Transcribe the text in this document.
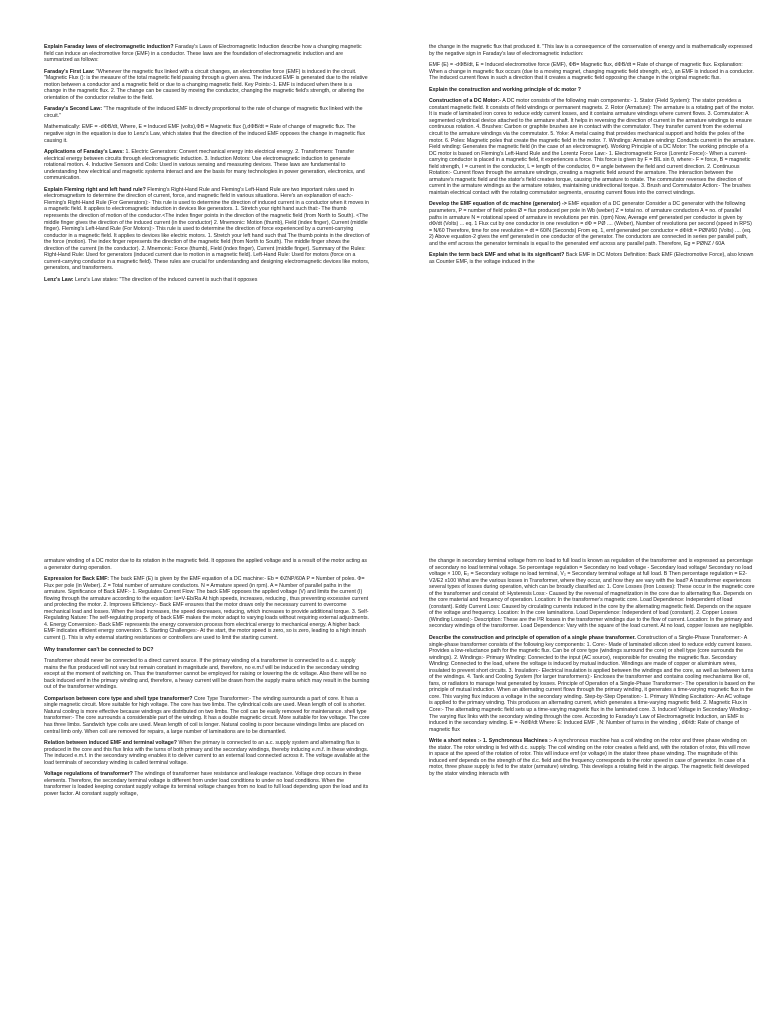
Explain Faraday laws of electromagnetic induction? Faraday's Laws of Electromagnetic Induction describe how a changing magnetic field can induce an electromotive force (EMF) in a conductor. These laws are the foundation of electromagnetic induction and are summarized as follows:

Faraday's First Law: "Whenever the magnetic flux linked with a circuit changes, an electromotive force (EMF) is induced in the circuit. "Magnetic Flux (): is the measure of the total magnetic field passing through a given area. The induced EMF is generated due to the relative motion between a conductor and a magnetic field or due to a changing magnetic field. Key Points:-1. EMF is induced when there is a change in the magnetic flux. 2. The change can be caused by moving the conductor, changing the magnetic field's strength, or altering the orientation of the conductor relative to the field.

Faraday's Second Law: "The magnitude of the induced EMF is directly proportional to the rate of change of magnetic flux linked with the circuit."

Mathematically: EMF = -dΦB/dt, Where, E = Induced EMF (volts),ΦB = Magnetic flux (),dΦB/dt = Rate of change of magnetic flux. The negative sign in the equation is due to Lenz's Law, which states that the direction of the induced EMF opposes the change in magnetic flux causing it.

Applications of Faraday's Laws: 1. Electric Generators: Convert mechanical energy into electrical energy. 2. Transformers: Transfer electrical energy between circuits through electromagnetic induction. 3. Induction Motors: Use electromagnetic induction to generate rotational motion. 4. Inductive Sensors and Coils: Used in various sensing and measuring devices. These laws are fundamental to understanding how electrical and magnetic systems interact and are the basis for many technologies in power generation, electronics, and communication.

Explain Fleming right and left hand rule? Fleming's Right-Hand Rule and Fleming's Left-Hand Rule are two important rules used in electromagnetism to determine the direction of current, force, and magnetic field in various situations. Here's an explanation of each:- Fleming's Right-Hand Rule (For Generators):- This rule is used to determine the direction of induced current in a conductor when it moves in a magnetic field. It applies to electromagnetic induction in devices like generators. 1. Stretch your right hand such that:- The thumb represents the direction of motion of the conductor.<The index finger points in the direction of the magnetic field (from North to South). <The middle finger gives the direction of the induced current (in the conductor) 2. Mnemonic: Motion (thumb), Field (index finger), Current (middle finger). Fleming's Left-Hand Rule (For Motors):- This rule is used to determine the direction of force experienced by a current-carrying conductor in a magnetic field. It applies to devices like electric motors. 1. Stretch your left hand such that The thumb points in the direction of the force (motion). The index finger represents the direction of the magnetic field (from North to South). The middle finger shows the direction of the current (in the conductor). 2. Mnemonic: Force (thumb), Field (index finger), Current (middle finger). Summary of the Rules: Right-Hand Rule: Used for generators (induced current due to motion in a magnetic field). Left-Hand Rule: Used for motors (force on a current-carrying conductor in a magnetic field). These rules are crucial for understanding and designing electromagnetic devices like motors, generators, and transformers.

Lenz's Law: Lenz's Law states: "The direction of the induced current is such that it opposes

the change in the magnetic flux that produced it. "This law is a consequence of the conservation of energy and is mathematically expressed by the negative sign in Faraday's law of electromagnetic induction:

EMF (E) = -dΦB/dt, E = Induced electromotive force (EMF), ΦB= Magnetic flux, dΦB/dt = Rate of change of magnetic flux. Explanation: When a change in magnetic flux occurs (due to a moving magnet, changing magnetic field strength, etc.), an EMF is induced in a conductor. The induced current flows in such a direction that it creates a magnetic field opposing the change in the original magnetic flux.

Explain the construction and working principle of dc motor ?

Construction of a DC Motor:- A DC motor consists of the following main components:- 1. Stator (Field System): The stator provides a constant magnetic field. It consists of field windings or permanent magnets. 2. Rotor (Armature): The armature is a rotating part of the motor. It is made of laminated iron cores to reduce eddy current losses, and it contains armature windings where current flows. 3. Commutator: A segmented cylindrical device attached to the armature shaft. It helps in reversing the direction of current in the armature windings to ensure continuous rotation. 4. Brushes: Carbon or graphite brushes are in contact with the commutator. They transfer current from the external circuit to the armature windings via the commutator. 5. Yoke: A metal casing that provides mechanical support and holds the poles of the motor. 6. Poles: Magnetic poles that create the magnetic field in the motor. 7. Windings: Armature winding: Conducts current in the armature. Field winding: Generates the magnetic field (in the case of an electromagnet). Working Principle of a DC Motor: The working principle of a DC motor is based on Fleming's Left-Hand Rule and the Lorentz Force Law:- 1. Electromagnetic Force (Lorentz Force):- When a current-carrying conductor is placed in a magnetic field, it experiences a force. This force is given by F = BIL sin θ, where:- F = force, B = magnetic field strength, I = current in the conductor, L = length of the conductor, θ = angle between the field and current direction. 2. Continuous Rotation:- Current flows through the armature windings, creating a magnetic field around the armature. The interaction between the armature's magnetic field and the stator's field creates torque, causing the armature to rotate. The commutator reverses the direction of current in the armature windings as the armature rotates, maintaining unidirectional torque. 3. Brush and Commutator Action:- The brushes maintain electrical contact with the rotating commutator segments, ensuring current flows into the correct windings.

Develop the EMF equation of dc machine (generator) -> EMF equation of a DC generator Consider a DC generator with the following parameters, P = number of field poles Ø = flux produced per pole in Wb (weber) Z = total no. of armature conductors A = no. of parallel paths in armature N = rotational speed of armature in revolutions per min. (rpm) Now, Average emf generated per conductor is given by dΦ/dt (Volts) ... eq. 1 Flux cut by one conductor in one revolution = dΦ = PØ .... (Weber), Number of revolutions per second (speed in RPS) = N/60 Therefore, time for one revolution = dt = 60/N (Seconds) From eq. 1, emf generated per conductor = dΦ/dt = PØN/60 (Volts) .... (eq. 2) Above equation-2 gives the emf generated in one conductor of the generator. The conductors are connected in series per parallel path, and the emf across the generator terminals is equal to the generated emf across any parallel path. Therefore, Eg = PØNZ / 60A

Explain the term back EMF and what is its significant? Back EMF in DC Motors Definition: Back EMF (Electromotive Force), also known as Counter EMF, is the voltage induced in the

armature winding of a DC motor due to its rotation in the magnetic field. It opposes the applied voltage and is a result of the motor acting as a generator during operation.

Expression for Back EMF: The back EMF (E) is given by the EMF equation of a DC machine:- Eb = ΦZNP/60A P = Number of poles. Φ= Flux per pole (in Weber). Z = Total number of armature conductors. N = Armature speed (in rpm). A = Number of parallel paths in the armature. Significance of Back EMF:- 1. Regulates Current Flow: The back EMF opposes the applied voltage (V) and limits the current (I) flowing through the armature according to the equation: Ia=V-Eb/Ra At high speeds, increases, reducing , thus preventing excessive current and protecting the motor. 2. Improves Efficiency:- Back EMF ensures that the motor draws only the necessary current to overcome mechanical load and losses. When the load increases, the speed decreases, reducing, which increases to provide additional torque. 3. Self-Regulating Nature: The self-regulating property of back EMF makes the motor adapt to varying loads without requiring external adjustments. 4. Energy Conversion:- Back EMF represents the energy conversion process from electrical energy to mechanical energy. A higher back EMF indicates efficient energy conversion. 5. Starting Challenges:- At the start, the motor speed is zero, so is zero, leading to a high inrush current (). This is why external starting resistances or controllers are used to limit the starting current.

Why transformer can't be connected to DC?

Transformer should never be connected to a direct current source. If the primary winding of a transformer is connected to a d.c. supply mains the flux produced will not vary but remain constant in magnitude and, therefore, no e.m.f will be induced in the secondary winding except at the moment of switching on. Thus the transformer cannot be employed for raising or lowering the dc voltage. Also there will be no back induced emf in the primary winding and, therefore, a heavy current will be drawn from the supply mains which may result in the burning out of the transformer windings.

Comparison between core type and shell type transformer? Core Type Transformer:- The winding surrounds a part of core. It has a single magnetic circuit. More suitable for high voltage. The core has two limbs. The cylindrical coils are used. Mean length of coil is shorter. Natural cooling is more effective because windings are distributed on two limbs. The coil can be easily removed for maintenance. shell type transformer:- The core surrounds a considerable part of the winding. It has a double magnetic circuit. More suitable for low voltage. The core has three limbs. Sandwich type coils are used. Mean length of coil is longer. Natural cooling is poor because windings limbs are placed on central limb only. When coil are removed for repairs, a large number of laminations are to be dismantled.

Relation between induced EMF and terminal voltage? When the primary is connected to an a.c. supply system and alternating flux is produced in the core and this flux links with the turns of both primary and the secondary windings, thereby inducing e.m.f. in these windings. The induced e.m.f. in the secondary winding enables it to deliver current to an external load connected across it. The voltage available at the load terminals of secondary winding is called terminal voltage.

Voltage regulations of transformer? The windings of transformer have resistance and leakage reactance. Voltage drop occurs in these elements. Therefore, the secondary terminal voltage is different from under load conditions to under no load conditions. When the transformer is loaded keeping constant supply voltage its terminal voltage changes from no load to full load depending upon the load and its power factor. At constant supply voltage,

the change in secondary terminal voltage from no load to full load is known as regulation of the transformer and is expressed as percentage of secondary no load terminal voltage. So percentage regulation = Secondary no load voltage - Secondary load voltage/ Secondary no load voltage × 100, E₂ = Secondary voltage no load terminal, V₂ = Secondary terminal voltage at full load. B Then percentage regulation = E2-V2/E2 x100 What are the various losses in Transformer, where they occur, and how they are vary with the load? A transformer experiences several types of losses during operation, which can be broadly classified as: 1. Core Losses (Iron Losses): These occur in the magnetic core of the transformer and consist of: Hysteresis Loss:- Caused by the reversal of magnetization in the core due to alternating flux. Depends on the core material and frequency of operation. Location: In the transformer's magnetic core. Load Dependence: Independent of load (constant). Eddy Current Loss: Caused by circulating currents induced in the core by the alternating magnetic field. Depends on the square of the voltage and frequency. Location: In the core laminations. Load Dependence: Independent of load (constant). 2. Copper Losses (Winding Losses):- Description: These are the I²R losses in the transformer windings due to the flow of current. Location: In the primary and secondary windings of the transformer. Load Dependence: Vary with the square of the load current. At no load, copper losses are negligible.

Describe the construction and principle of operation of a single phase transformer. Construction of a Single-Phase Transformer:- A single-phase transformer consists of the following key components: 1. Core:- Made of laminated silicon steel to reduce eddy current losses. Provides a low-reluctance path for the magnetic flux. Can be of core type (windings surround the core) or shell type (core surrounds the windings). 2. Windings:- Primary Winding: Connected to the input (AC source), responsible for creating the magnetic flux. Secondary Winding: Connected to the load, where the voltage is induced by mutual induction. Windings are made of copper or aluminium wires, insulated to prevent short circuits. 3. Insulation:- Electrical insulation is applied between the windings and the core, as well as between turns of the windings. 4. Tank and Cooling System (for larger transformers):- Encloses the transformer and contains cooling mechanisms like oil, fans, or radiators to manage heat generated by losses. Principle of Operation of a Single-Phase Transformer:- The operation is based on the principle of mutual induction. When an alternating current flows through the primary winding, it generates a time-varying magnetic flux in the core. This varying flux induces a voltage in the secondary winding. Step-by-Step Operation:- 1. Primary Winding Excitation:- An AC voltage is applied to the primary winding. This produces an alternating current, which generates a time-varying magnetic field. 2. Magnetic Flux in Core:- The alternating magnetic field sets up a time-varying magnetic flux in the laminated core. 3. Induced Voltage in Secondary Winding:- The varying flux links with the secondary winding through the core. According to Faraday's Law of Electromagnetic Induction, an EMF is induced in the secondary winding. E = -NdΦ/dt Where: E: Induced EMF , N: Number of turns in the winding , dΦ/dt: Rate of change of magnetic flux

Write a short notes :- 1. Synchronous Machines :- A synchronous machine has a coil winding on the rotor and three phase winding on the stator. The rotor winding is fed with d.c. supply. The coil winding on the rotor creates a field and, with the rotation of rotor, this will move in space at the speed of the rotation of rotor. This will induce emf (or voltage) in the stator three phase winding. The magnitude of this induced emf depends on the strength of the d.c. field and the frequency corresponds to the rotor speed in case of generator. In case of a motor, three phase supply is fed to the stator (armature) winding. This develops a rotating field in the airgap. The magnetic field developed by the stator winding interacts with
